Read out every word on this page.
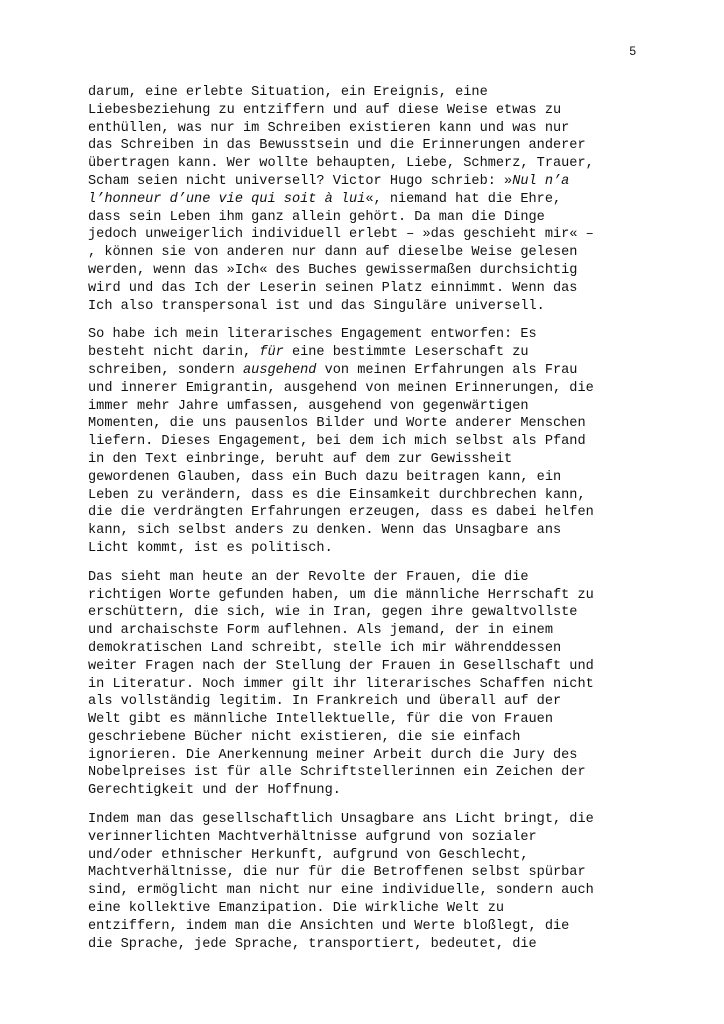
5

darum, eine erlebte Situation, ein Ereignis, eine
Liebesbeziehung zu entziffern und auf diese Weise etwas zu
enthüllen, was nur im Schreiben existieren kann und was nur
das Schreiben in das Bewusstsein und die Erinnerungen anderer
übertragen kann. Wer wollte behaupten, Liebe, Schmerz, Trauer,
Scham seien nicht universell? Victor Hugo schrieb: »Nul n’a
l’honneur d’une vie qui soit à lui«, niemand hat die Ehre,
dass sein Leben ihm ganz allein gehört. Da man die Dinge
jedoch unweigerlich individuell erlebt – »das geschieht mir« –
, können sie von anderen nur dann auf dieselbe Weise gelesen
werden, wenn das »Ich« des Buches gewissermaßen durchsichtig
wird und das Ich der Leserin seinen Platz einnimmt. Wenn das
Ich also transpersonal ist und das Singuläre universell.

So habe ich mein literarisches Engagement entworfen: Es
besteht nicht darin, für eine bestimmte Leserschaft zu
schreiben, sondern ausgehend von meinen Erfahrungen als Frau
und innerer Emigrantin, ausgehend von meinen Erinnerungen, die
immer mehr Jahre umfassen, ausgehend von gegenwärtigen
Momenten, die uns pausenlos Bilder und Worte anderer Menschen
liefern. Dieses Engagement, bei dem ich mich selbst als Pfand
in den Text einbringe, beruht auf dem zur Gewissheit
gewordenen Glauben, dass ein Buch dazu beitragen kann, ein
Leben zu verändern, dass es die Einsamkeit durchbrechen kann,
die die verdrängten Erfahrungen erzeugen, dass es dabei helfen
kann, sich selbst anders zu denken. Wenn das Unsagbare ans
Licht kommt, ist es politisch.

Das sieht man heute an der Revolte der Frauen, die die
richtigen Worte gefunden haben, um die männliche Herrschaft zu
erschüttern, die sich, wie in Iran, gegen ihre gewaltvollste
und archaischste Form auflehnen. Als jemand, der in einem
demokratischen Land schreibt, stelle ich mir währenddessen
weiter Fragen nach der Stellung der Frauen in Gesellschaft und
in Literatur. Noch immer gilt ihr literarisches Schaffen nicht
als vollständig legitim. In Frankreich und überall auf der
Welt gibt es männliche Intellektuelle, für die von Frauen
geschriebene Bücher nicht existieren, die sie einfach
ignorieren. Die Anerkennung meiner Arbeit durch die Jury des
Nobelpreises ist für alle Schriftstellerinnen ein Zeichen der
Gerechtigkeit und der Hoffnung.

Indem man das gesellschaftlich Unsagbare ans Licht bringt, die
verinnerlichten Machtverhältnisse aufgrund von sozialer
und/oder ethnischer Herkunft, aufgrund von Geschlecht,
Machtverhältnisse, die nur für die Betroffenen selbst spürbar
sind, ermöglicht man nicht nur eine individuelle, sondern auch
eine kollektive Emanzipation. Die wirkliche Welt zu
entziffern, indem man die Ansichten und Werte bloßlegt, die
die Sprache, jede Sprache, transportiert, bedeutet, die
